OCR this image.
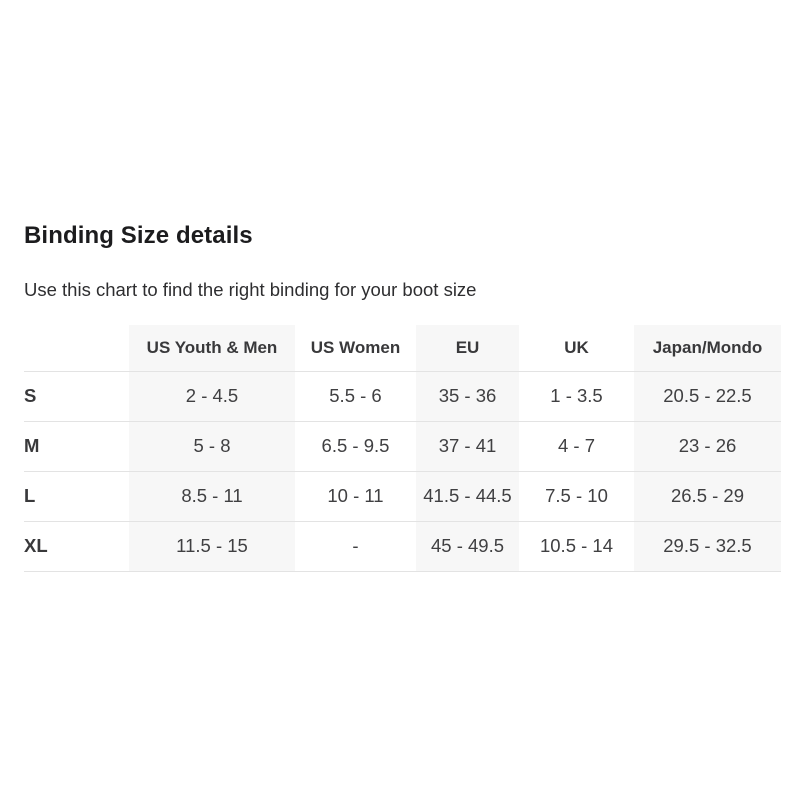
Binding Size details

Use this chart to find the right binding for your boot size

	US Youth & Men	US Women	EU	UK	Japan/Mondo
S	2 - 4.5	5.5 - 6	35 - 36	1 - 3.5	20.5 - 22.5
M	5 - 8	6.5 - 9.5	37 - 41	4 - 7	23 - 26
L	8.5 - 11	10 - 11	41.5 - 44.5	7.5 - 10	26.5 - 29
XL	11.5 - 15	-	45 - 49.5	10.5 - 14	29.5 - 32.5
